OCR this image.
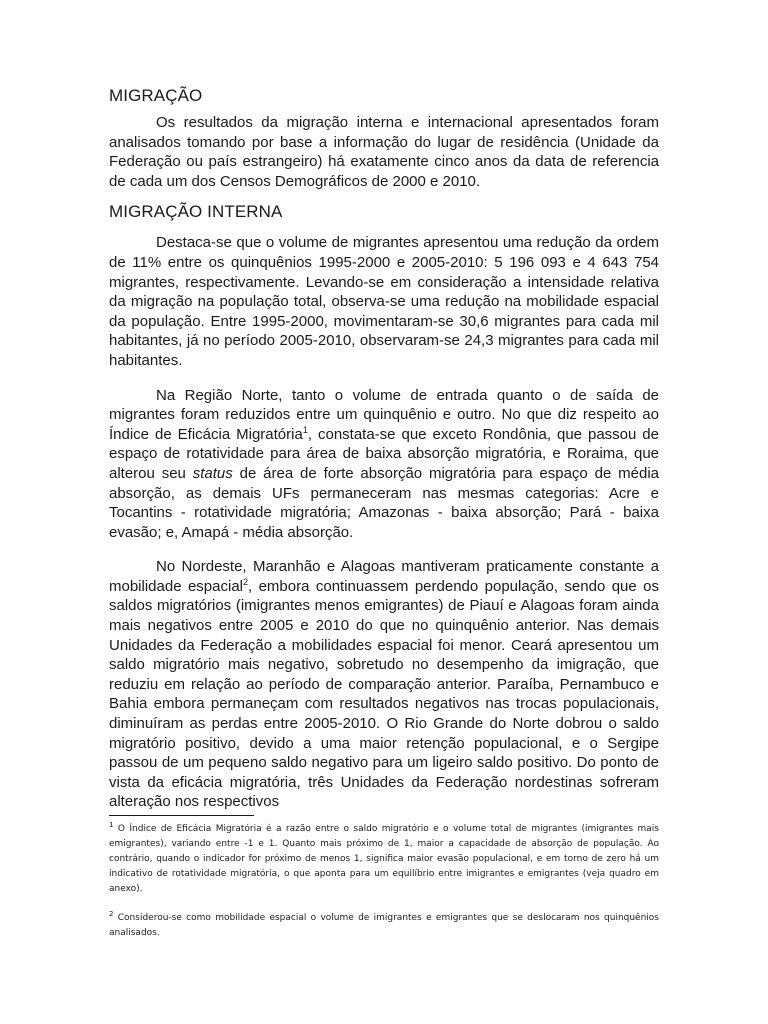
MIGRAÇÃO

Os resultados da migração interna e internacional apresentados foram analisados tomando por base a informação do lugar de residência (Unidade da Federação ou país estrangeiro) há exatamente cinco anos da data de referencia de cada um dos Censos Demográficos de 2000 e 2010.

MIGRAÇÃO INTERNA

Destaca-se que o volume de migrantes apresentou uma redução da ordem de 11% entre os quinquênios 1995-2000 e 2005-2010: 5 196 093 e 4 643 754 migrantes, respectivamente. Levando-se em consideração a intensidade relativa da migração na população total, observa-se uma redução na mobilidade espacial da população. Entre 1995-2000, movimentaram-se 30,6 migrantes para cada mil habitantes, já no período 2005-2010, observaram-se 24,3 migrantes para cada mil habitantes.

Na Região Norte, tanto o volume de entrada quanto o de saída de migrantes foram reduzidos entre um quinquênio e outro. No que diz respeito ao Índice de Eficácia Migratória$^1$, constata-se que exceto Rondônia, que passou de espaço de rotatividade para área de baixa absorção migratória, e Roraima, que alterou seu status de área de forte absorção migratória para espaço de média absorção, as demais UFs permaneceram nas mesmas categorias: Acre e Tocantins - rotatividade migratória; Amazonas - baixa absorção; Pará - baixa evasão; e, Amapá - média absorção.

No Nordeste, Maranhão e Alagoas mantiveram praticamente constante a mobilidade espacial$^2$, embora continuassem perdendo população, sendo que os saldos migratórios (imigrantes menos emigrantes) de Piauí e Alagoas foram ainda mais negativos entre 2005 e 2010 do que no quinquênio anterior. Nas demais Unidades da Federação a mobilidades espacial foi menor. Ceará apresentou um saldo migratório mais negativo, sobretudo no desempenho da imigração, que reduziu em relação ao período de comparação anterior. Paraíba, Pernambuco e Bahia embora permaneçam com resultados negativos nas trocas populacionais, diminuíram as perdas entre 2005-2010. O Rio Grande do Norte dobrou o saldo migratório positivo, devido a uma maior retenção populacional, e o Sergipe passou de um pequeno saldo negativo para um ligeiro saldo positivo. Do ponto de vista da eficácia migratória, três Unidades da Federação nordestinas sofreram alteração nos respectivos

$^1$ O Índice de Eficácia Migratória é a razão entre o saldo migratório e o volume total de migrantes (imigrantes mais emigrantes), variando entre -1 e 1. Quanto mais próximo de 1, maior a capacidade de absorção de população. Ao contrário, quando o indicador for próximo de menos 1, significa maior evasão populacional, e em torno de zero há um indicativo de rotatividade migratória, o que aponta para um equilíbrio entre imigrantes e emigrantes (veja quadro em anexo).

$^2$ Considerou-se como mobilidade espacial o volume de imigrantes e emigrantes que se deslocaram nos quinquênios analisados.
